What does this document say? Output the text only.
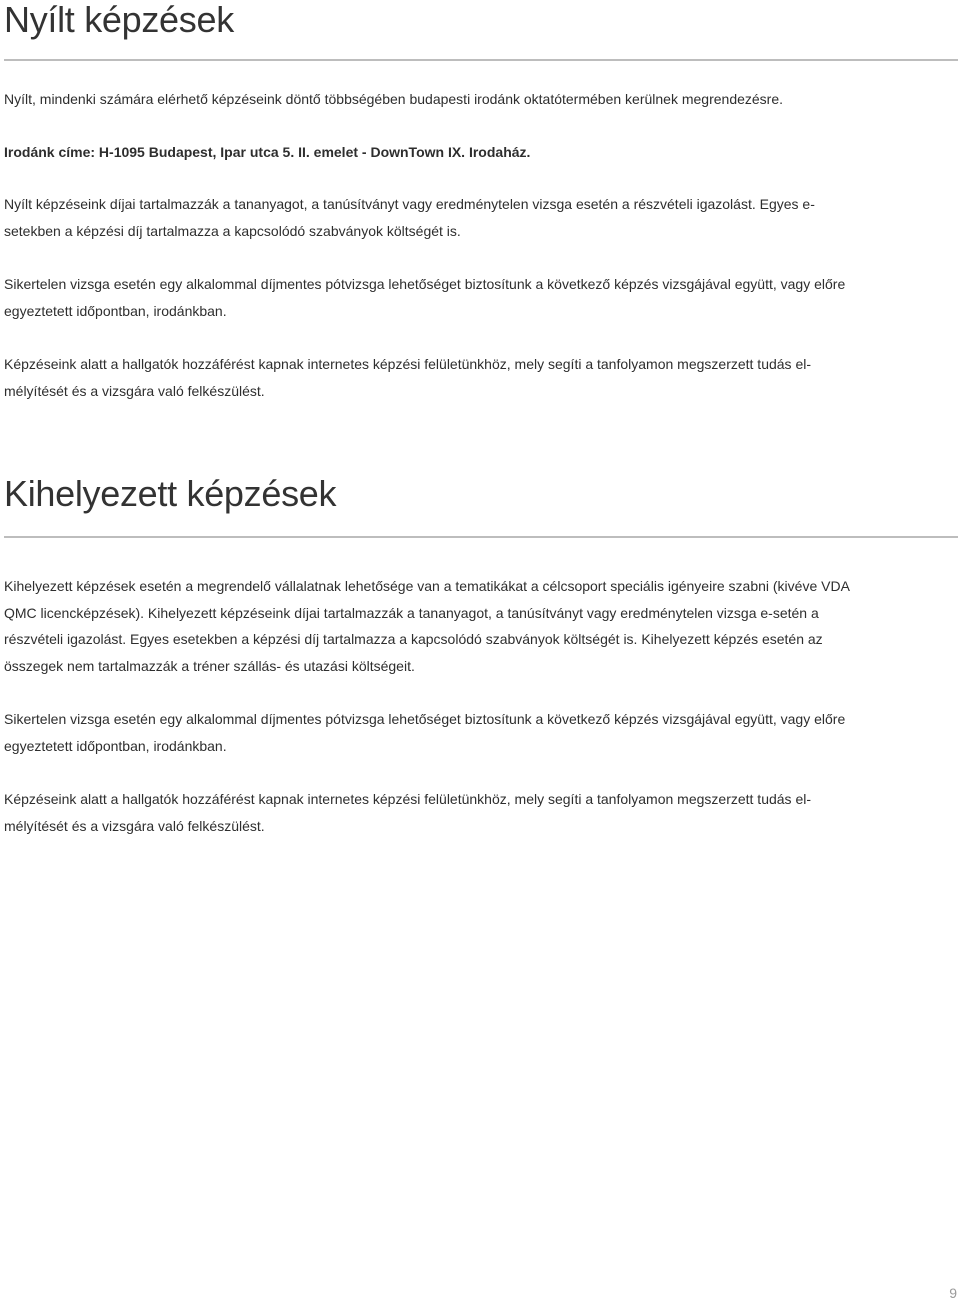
Nyílt képzések

Nyílt, mindenki számára elérhető képzéseink döntő többségében budapesti irodánk oktatótermében kerülnek megrendezésre.

Irodánk címe: H-1095 Budapest, Ipar utca 5. II. emelet - DownTown IX. Irodaház.

Nyílt képzéseink díjai tartalmazzák a tananyagot, a tanúsítványt vagy eredménytelen vizsga esetén a részvételi igazolást. Egyes e-setekben a képzési díj tartalmazza a kapcsolódó szabványok költségét is.

Sikertelen vizsga esetén egy alkalommal díjmentes pótvizsga lehetőséget biztosítunk a következő képzés vizsgájával együtt, vagy előre egyeztetett időpontban, irodánkban.

Képzéseink alatt a hallgatók hozzáférést kapnak internetes képzési felületünkhöz, mely segíti a tanfolyamon megszerzett tudás el-mélyítését és a vizsgára való felkészülést.

Kihelyezett képzések

Kihelyezett képzések esetén a megrendelő vállalatnak lehetősége van a tematikákat a célcsoport speciális igényeire szabni (kivéve VDA QMC licencképzések). Kihelyezett képzéseink díjai tartalmazzák a tananyagot, a tanúsítványt vagy eredménytelen vizsga e-setén a részvételi igazolást. Egyes esetekben a képzési díj tartalmazza a kapcsolódó szabványok költségét is. Kihelyezett képzés esetén az összegek nem tartalmazzák a tréner szállás- és utazási költségeit.

Sikertelen vizsga esetén egy alkalommal díjmentes pótvizsga lehetőséget biztosítunk a következő képzés vizsgájával együtt, vagy előre egyeztetett időpontban, irodánkban.

Képzéseink alatt a hallgatók hozzáférést kapnak internetes képzési felületünkhöz, mely segíti a tanfolyamon megszerzett tudás el-mélyítését és a vizsgára való felkészülést.

9
